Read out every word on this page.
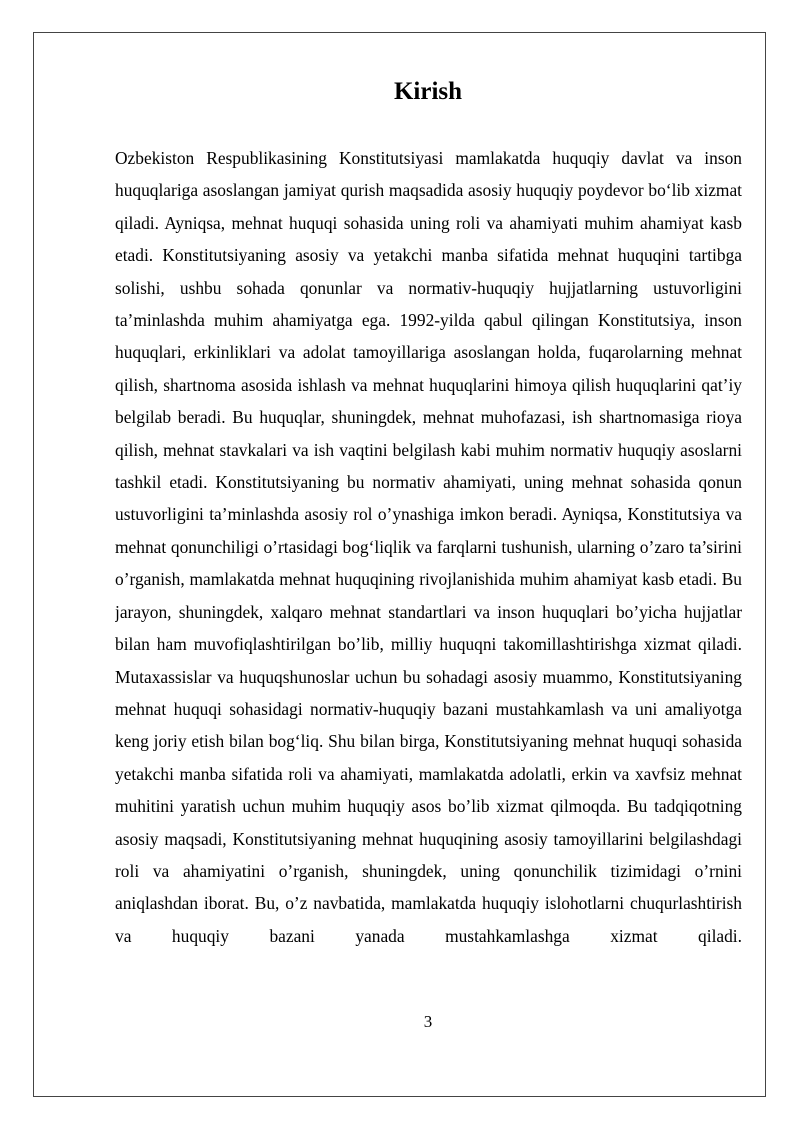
Kirish

Ozbekiston Respublikasining Konstitutsiyasi mamlakatda huquqiy davlat va inson huquqlariga asoslangan jamiyat qurish maqsadida asosiy huquqiy poydevor bo‘lib xizmat qiladi. Ayniqsa, mehnat huquqi sohasida uning roli va ahamiyati muhim ahamiyat kasb etadi. Konstitutsiyaning asosiy va yetakchi manba sifatida mehnat huquqini tartibga solishi, ushbu sohada qonunlar va normativ-huquqiy hujjatlarning ustuvorligini ta’minlashda muhim ahamiyatga ega. 1992-yilda qabul qilingan Konstitutsiya, inson huquqlari, erkinliklari va adolat tamoyillariga asoslangan holda, fuqarolarning mehnat qilish, shartnoma asosida ishlash va mehnat huquqlarini himoya qilish huquqlarini qat’iy belgilab beradi. Bu huquqlar, shuningdek, mehnat muhofazasi, ish shartnomasiga rioya qilish, mehnat stavkalari va ish vaqtini belgilash kabi muhim normativ huquqiy asoslarni tashkil etadi. Konstitutsiyaning bu normativ ahamiyati, uning mehnat sohasida qonun ustuvorligini ta’minlashda asosiy rol o’ynashiga imkon beradi. Ayniqsa, Konstitutsiya va mehnat qonunchiligi o’rtasidagi bog‘liqlik va farqlarni tushunish, ularning o’zaro ta’sirini o’rganish, mamlakatda mehnat huquqining rivojlanishida muhim ahamiyat kasb etadi. Bu jarayon, shuningdek, xalqaro mehnat standartlari va inson huquqlari bo’yicha hujjatlar bilan ham muvofiqlashtirilgan bo’lib, milliy huquqni takomillashtirishga xizmat qiladi. Mutaxassislar va huquqshunoslar uchun bu sohadagi asosiy muammo, Konstitutsiyaning mehnat huquqi sohasidagi normativ-huquqiy bazani mustahkamlash va uni amaliyotga keng joriy etish bilan bog‘liq. Shu bilan birga, Konstitutsiyaning mehnat huquqi sohasida yetakchi manba sifatida roli va ahamiyati, mamlakatda adolatli, erkin va xavfsiz mehnat muhitini yaratish uchun muhim huquqiy asos bo’lib xizmat qilmoqda. Bu tadqiqotning asosiy maqsadi, Konstitutsiyaning mehnat huquqining asosiy tamoyillarini belgilashdagi roli va ahamiyatini o’rganish, shuningdek, uning qonunchilik tizimidagi o’rnini aniqlashdan iborat. Bu, o’z navbatida, mamlakatda huquqiy islohotlarni chuqurlashtirish va huquqiy bazani yanada mustahkamlashga xizmat qiladi.

3
